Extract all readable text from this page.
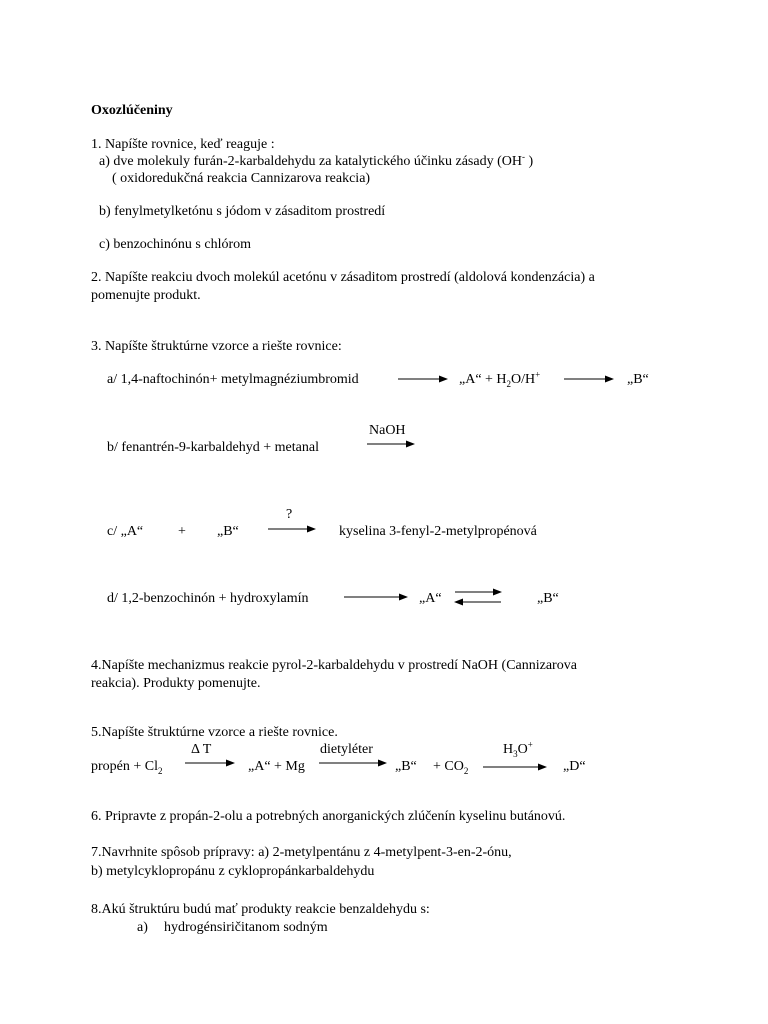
Oxozlúčeniny
1. Napíšte rovnice, keď reaguje :
a) dve molekuly furán-2-karbaldehydu za katalytického účinku zásady (OH- )
( oxidoredukčná reakcia Cannizarova reakcia)
b) fenylmetylketónu s jódom v zásaditom prostredí
c) benzochinónu s chlórom
2. Napíšte reakciu dvoch molekúl acetónu v zásaditom prostredí (aldolová kondenzácia) a
pomenujte produkt.
3. Napíšte štruktúrne vzorce a riešte rovnice:
a/ 1,4-naftochinón+ metylmagnéziumbromid	„A“ + $H_2O/H^+$	„B“
NaOH
b/ fenantrén-9-karbaldehyd + metanal
?
c/ „A“ + „B“	kyselina 3-fenyl-2-metylpropénová
d/ 1,2-benzochinón + hydroxylamín	„A“	„B“
4.Napíšte mechanizmus reakcie pyrol-2-karbaldehydu v prostredí NaOH (Cannizarova
reakcia). Produkty pomenujte.
5.Napíšte štruktúrne vzorce a riešte rovnice.
Δ T	dietyléter	$H_3O^+$
propén + $Cl_2$	„A“ + Mg	„B“ + $CO_2$	„D“
6. Pripravte z propán-2-olu a potrebných anorganických zlúčenín kyselinu butánovú.
7.Navrhnite spôsob prípravy: a) 2-metylpentánu z 4-metylpent-3-en-2-ónu,
b) metylcyklopropánu z cyklopropánkarbaldehydu
8.Akú štruktúru budú mať produkty reakcie benzaldehydu s:
a) hydrogénsiričitanom sodným
